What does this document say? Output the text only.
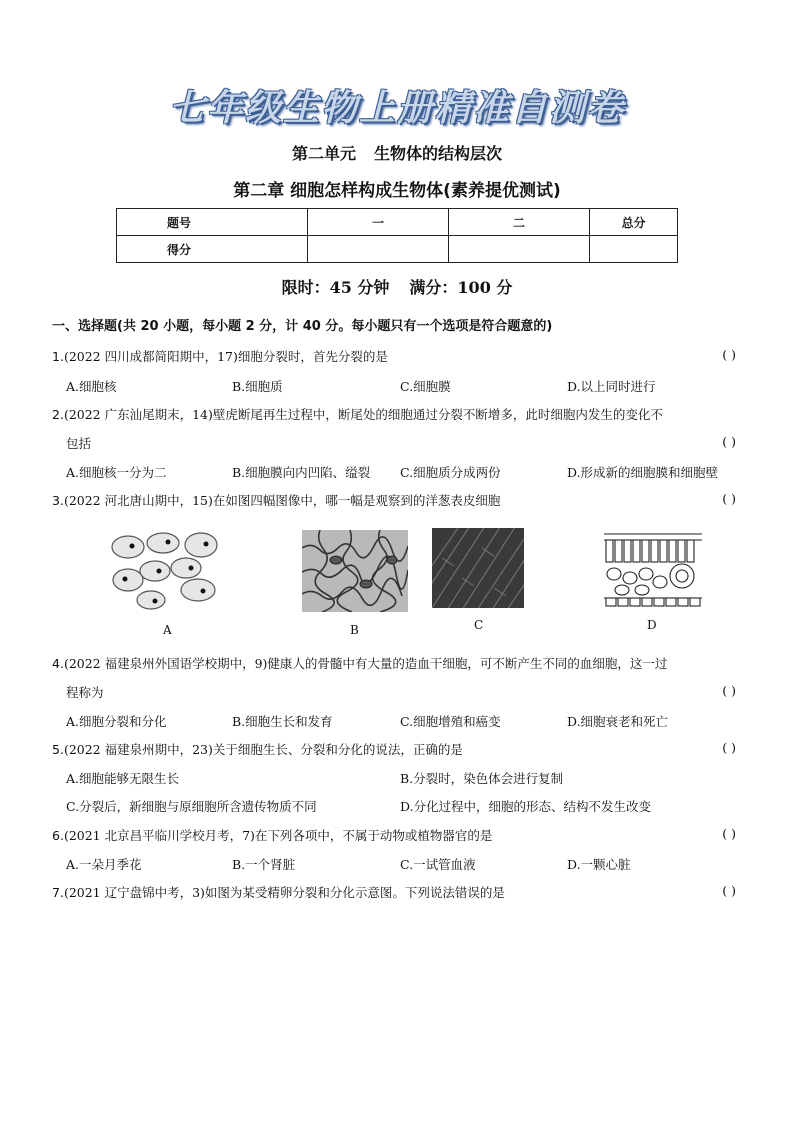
七年级生物上册精准自测卷
第二单元 生物体的结构层次
第二章 细胞怎样构成生物体(素养提优测试)
题号	一	二	总分
得分			
限时：45 分钟 满分：100 分
一、选择题(共 20 小题，每小题 2 分，计 40 分。每小题只有一个选项是符合题意的)
1.(2022 四川成都简阳期中，17)细胞分裂时，首先分裂的是	( )
A.细胞核	B.细胞质	C.细胞膜	D.以上同时进行
2.(2022 广东汕尾期末，14)壁虎断尾再生过程中，断尾处的细胞通过分裂不断增多，此时细胞内发生的变化不
包括	( )
A.细胞核一分为二	B.细胞膜向内凹陷、缢裂 C.细胞质分成两份	D.形成新的细胞膜和细胞壁
3.(2022 河北唐山期中，15)在如图四幅图像中，哪一幅是观察到的洋葱表皮细胞	( )
A	B	C	D
4.(2022 福建泉州外国语学校期中，9)健康人的骨髓中有大量的造血干细胞，可不断产生不同的血细胞，这一过
程称为	( )
A.细胞分裂和分化	B.细胞生长和发育	C.细胞增殖和癌变	D.细胞衰老和死亡
5.(2022 福建泉州期中，23)关于细胞生长、分裂和分化的说法，正确的是	( )
A.细胞能够无限生长	B.分裂时，染色体会进行复制
C.分裂后，新细胞与原细胞所含遗传物质不同	D.分化过程中，细胞的形态、结构不发生改变
6.(2021 北京昌平临川学校月考，7)在下列各项中，不属于动物或植物器官的是	( )
A.一朵月季花	B.一个肾脏	C.一试管血液	D.一颗心脏
7.(2021 辽宁盘锦中考，3)如图为某受精卵分裂和分化示意图。下列说法错误的是	( )
